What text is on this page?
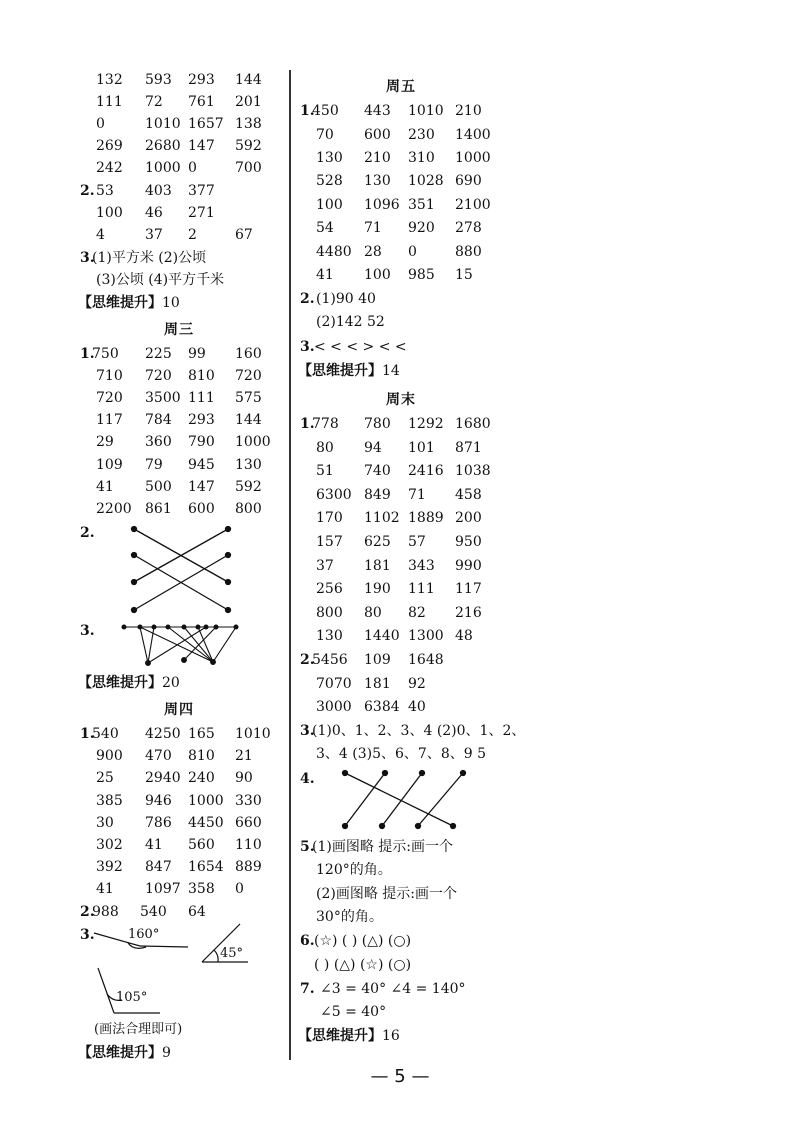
132 593 293 144
111 72 761 201
0	1010 1657 138
269 2680 147 592
242 1000 0	700
2. 53 403 377
100 46 271
4	37 2	67
3.
(1)平方米 (2)公顷
(3)公顷 (4)平方千米
【思维提升】10
周三
1.
750 225 99 160
710 720 810 720
720 3500 111 575
117 784 293 144
29 360 790 1000
109 79 945 130
41 500 147 592
2200 861 600 800
2.
3.
【思维提升】20
周四
1.
540 4250 165 1010
900 470 810 21
25 2940 240 90
385 946 1000 330
30 786 4450 660
302 41 560 110
392 847 1654 889
41 1097 358 0
2.
988 540 64
3.	160°
45°
105°
(画法合理即可)
【思维提升】9
周五
1.
450 443 1010 210
70 600 230 1400
130 210 310 1000
528 130 1028 690
100 1096 351 2100
54 71 920 278
4480 28 0	880
41 100 985 15
2. (1)90 40
(2)142 52
3. < < < > < <
【思维提升】14
周末
1.
778 780 1292 1680
80 94 101 871
51 740 2416 1038
6300 849 71 458
170 1102 1889 200
157 625 57 950
37 181 343 990
256 190 111 117
800 80 82 216
130 1440 1300 48
2.
5456 109 1648
7070 181 92
3000 6384 40
3.
(1)0、1、2、3、4 (2)0、1、2、
3、4 (3)5、6、7、8、9 5
4.
5.
(1)画图略 提示:画一个
120°的角。
(2)画图略 提示:画一个
30°的角。
6. (☆) ( ) (△) (○)
( ) (△) (☆) (○)
7. ∠3 = 40° ∠4 = 140°
∠5 = 40°
【思维提升】16
— 5 —
